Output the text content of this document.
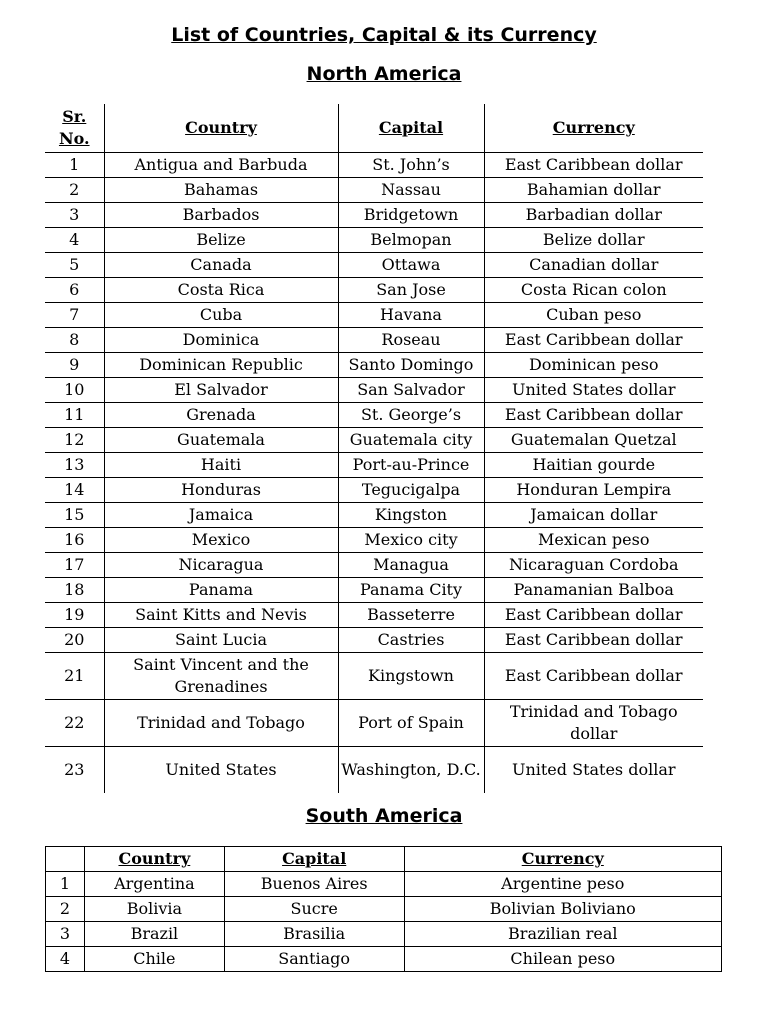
List of Countries, Capital & its Currency
North America
Sr. No.	Country	Capital	Currency
1	Antigua and Barbuda	St. John’s	East Caribbean dollar
2	Bahamas	Nassau	Bahamian dollar
3	Barbados	Bridgetown	Barbadian dollar
4	Belize	Belmopan	Belize dollar
5	Canada	Ottawa	Canadian dollar
6	Costa Rica	San Jose	Costa Rican colon
7	Cuba	Havana	Cuban peso
8	Dominica	Roseau	East Caribbean dollar
9	Dominican Republic	Santo Domingo	Dominican peso
10	El Salvador	San Salvador	United States dollar
11	Grenada	St. George’s	East Caribbean dollar
12	Guatemala	Guatemala city	Guatemalan Quetzal
13	Haiti	Port-au-Prince	Haitian gourde
14	Honduras	Tegucigalpa	Honduran Lempira
15	Jamaica	Kingston	Jamaican dollar
16	Mexico	Mexico city	Mexican peso
17	Nicaragua	Managua	Nicaraguan Cordoba
18	Panama	Panama City	Panamanian Balboa
19	Saint Kitts and Nevis	Basseterre	East Caribbean dollar
20	Saint Lucia	Castries	East Caribbean dollar
21	Saint Vincent and the Grenadines	Kingstown	East Caribbean dollar
22	Trinidad and Tobago	Port of Spain	Trinidad and Tobago dollar
23	United States	Washington, D.C.	United States dollar
South America
	Country	Capital	Currency
1	Argentina	Buenos Aires	Argentine peso
2	Bolivia	Sucre	Bolivian Boliviano
3	Brazil	Brasilia	Brazilian real
4	Chile	Santiago	Chilean peso
